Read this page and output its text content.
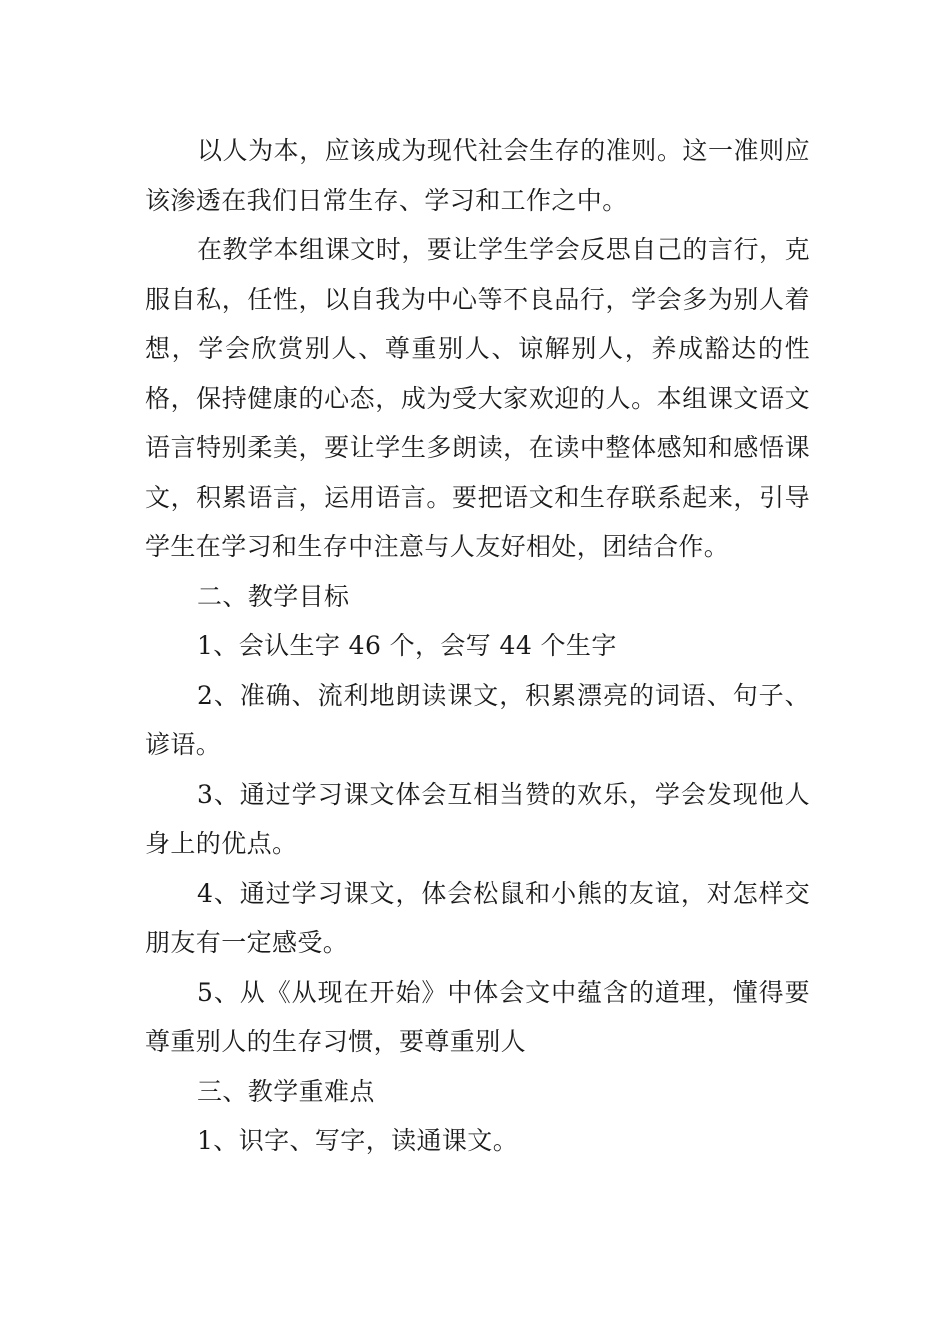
以人为本，应该成为现代社会生存的准则。这一准则应该渗透在我们日常生存、学习和工作之中。

在教学本组课文时，要让学生学会反思自己的言行，克服自私，任性，以自我为中心等不良品行，学会多为别人着想，学会欣赏别人、尊重别人、谅解别人，养成豁达的性格，保持健康的心态，成为受大家欢迎的人。本组课文语文语言特别柔美，要让学生多朗读，在读中整体感知和感悟课文，积累语言，运用语言。要把语文和生存联系起来，引导学生在学习和生存中注意与人友好相处，团结合作。

二、教学目标

1、会认生字 46 个，会写 44 个生字

2、准确、流利地朗读课文，积累漂亮的词语、句子、谚语。

3、通过学习课文体会互相当赞的欢乐，学会发现他人身上的优点。

4、通过学习课文，体会松鼠和小熊的友谊，对怎样交朋友有一定感受。

5、从《从现在开始》中体会文中蕴含的道理，懂得要尊重别人的生存习惯，要尊重别人

三、教学重难点

1、识字、写字，读通课文。
